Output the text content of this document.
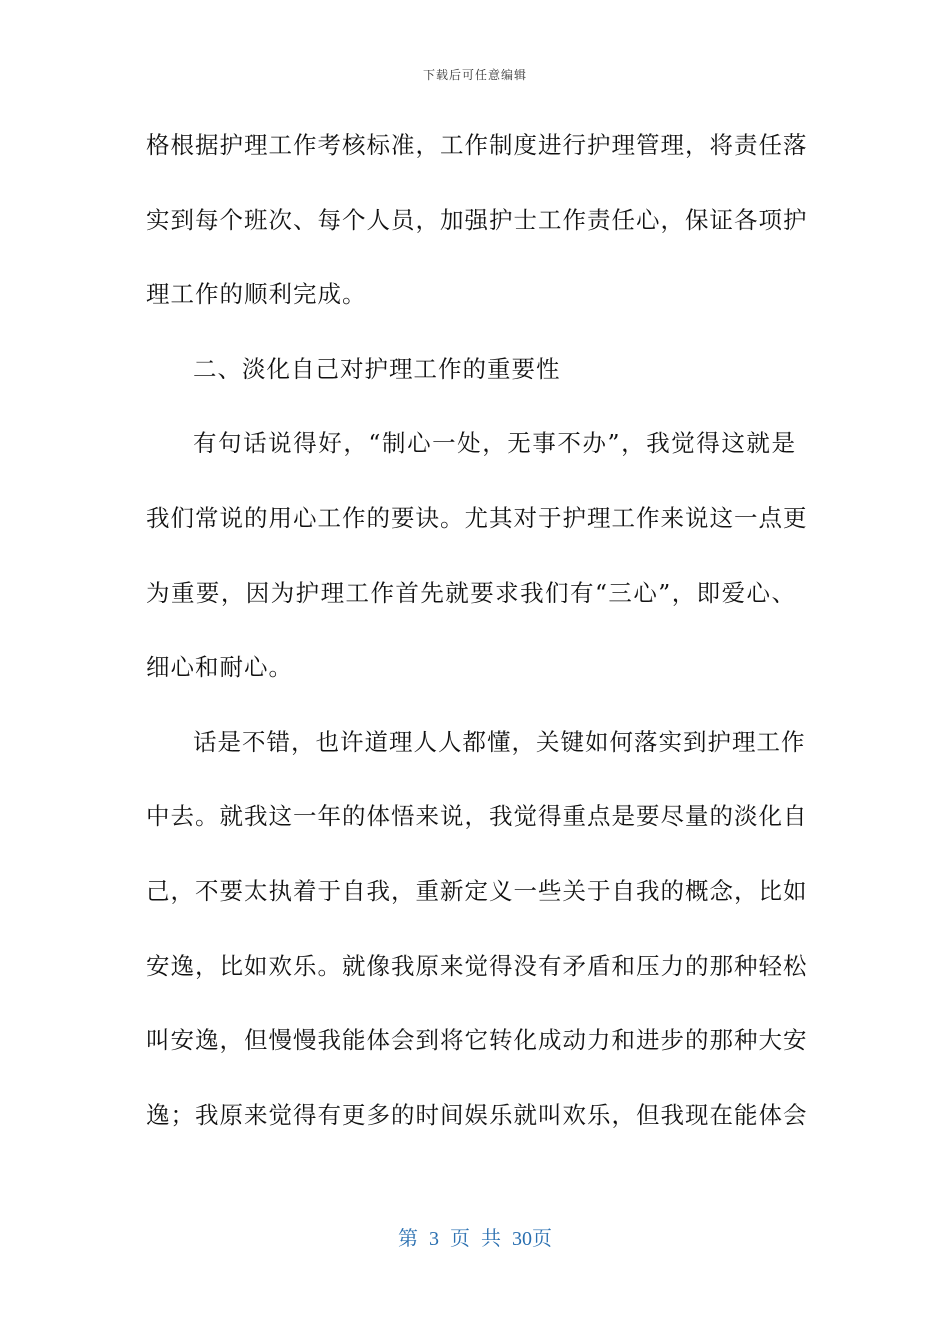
下载后可任意编辑
格根据护理工作考核标准，工作制度进行护理管理，将责任落
实到每个班次、每个人员，加强护士工作责任心，保证各项护
理工作的顺利完成。
二、淡化自己对护理工作的重要性
有句话说得好，“制心一处，无事不办”，我觉得这就是
我们常说的用心工作的要诀。尤其对于护理工作来说这一点更
为重要，因为护理工作首先就要求我们有“三心”，即爱心、
细心和耐心。
话是不错，也许道理人人都懂，关键如何落实到护理工作
中去。就我这一年的体悟来说，我觉得重点是要尽量的淡化自
己，不要太执着于自我，重新定义一些关于自我的概念，比如
安逸，比如欢乐。就像我原来觉得没有矛盾和压力的那种轻松
叫安逸，但慢慢我能体会到将它转化成动力和进步的那种大安
逸；我原来觉得有更多的时间娱乐就叫欢乐，但我现在能体会
第 3 页 共 30页
